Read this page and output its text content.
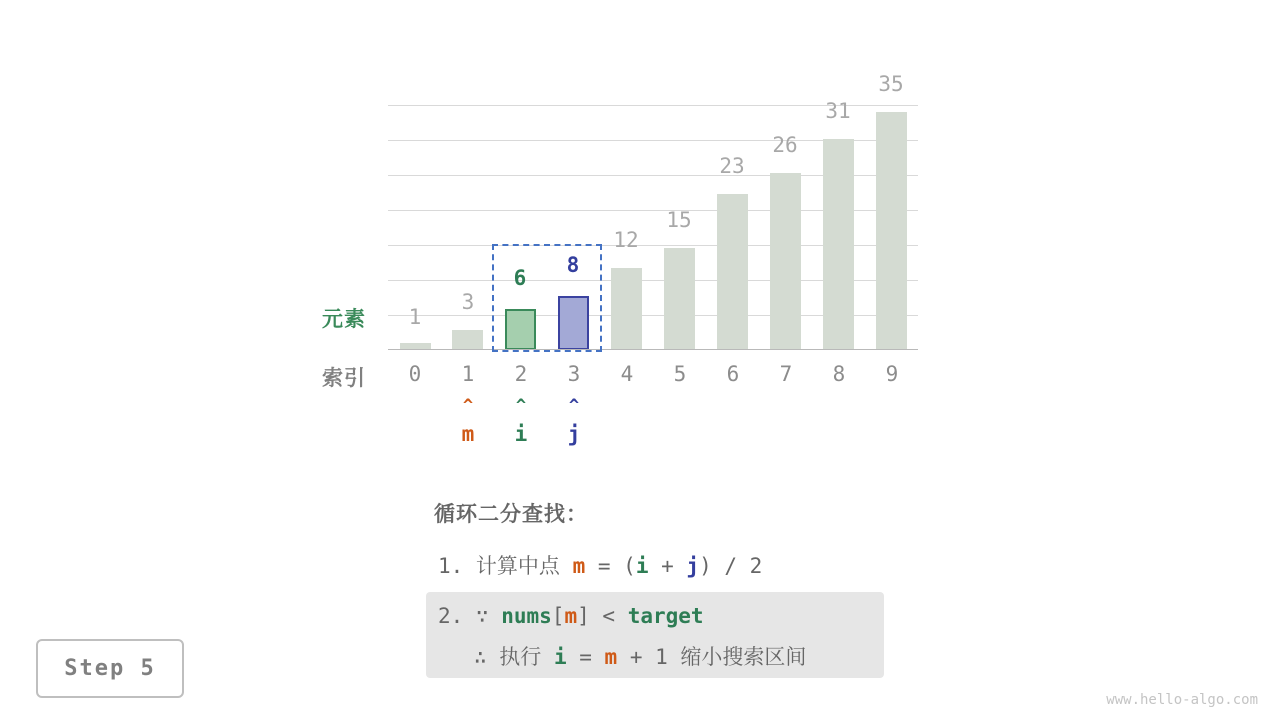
1
3
6
8
12
15
23
26
31
35
元素
索引	0	1	2	3	4	5	6	7	8	9
^
m
^
i
^
j
循环二分查找：
1. 计算中点 m = (i + j) / 2
2. ∵ nums[m] < target
∴ 执行 i = m + 1 缩小搜索区间
Step 5
www.hello-algo.com
